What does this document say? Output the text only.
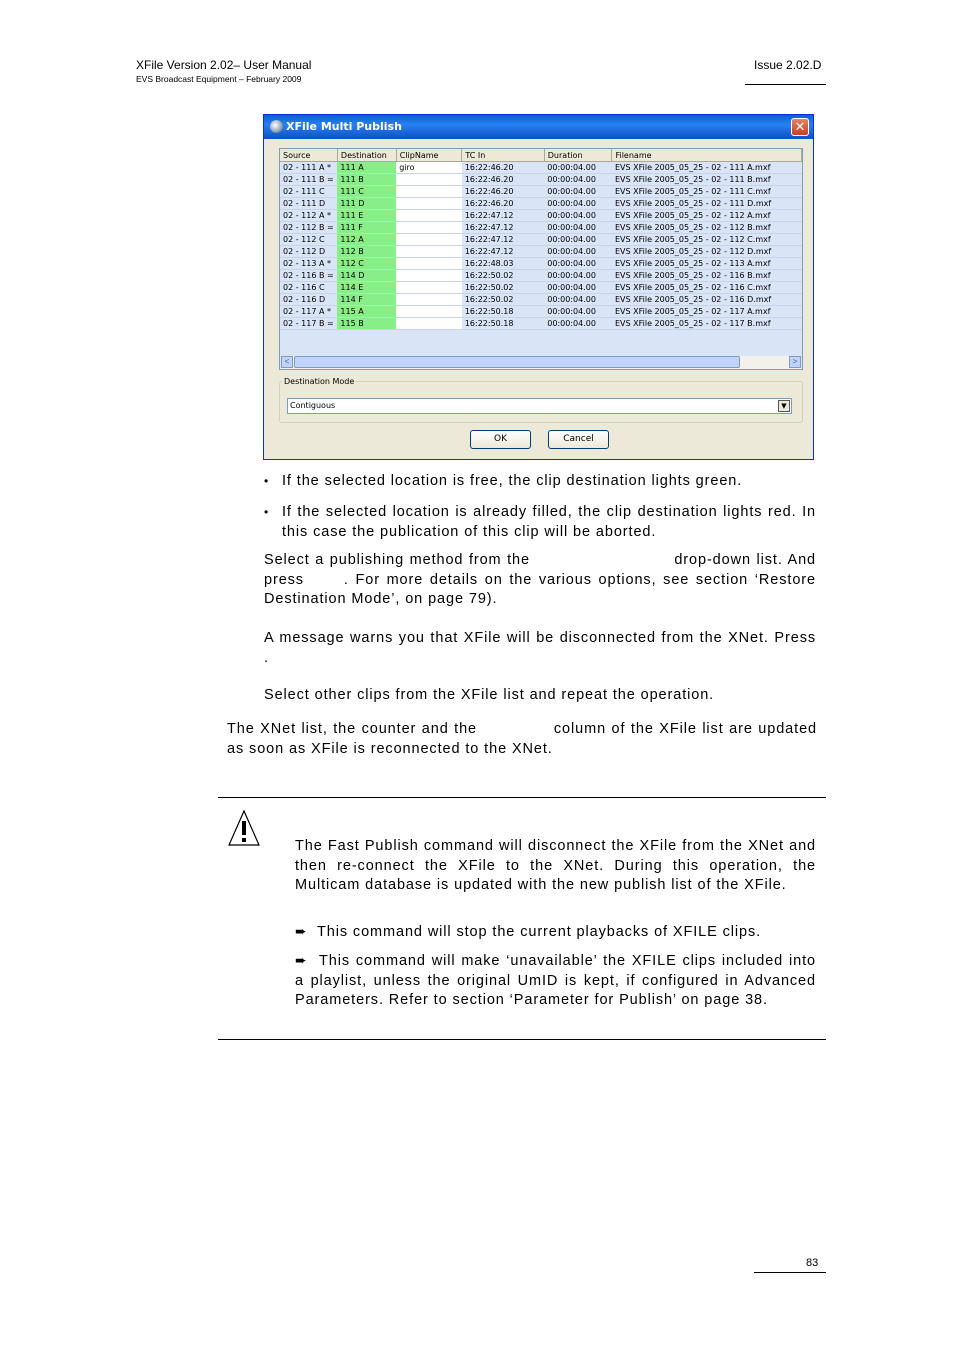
XFile Version 2.02– User Manual
EVS Broadcast Equipment – February 2009
Issue 2.02.D
XFile Multi Publish	✕
Source	Destination	ClipName	TC In	Duration	Filename
02 - 111 A *	111 A	giro	16:22:46.20	00:00:04.00	EVS XFile 2005_05_25 - 02 - 111 A.mxf
02 - 111 B =	111 B		16:22:46.20	00:00:04.00	EVS XFile 2005_05_25 - 02 - 111 B.mxf
02 - 111 C	111 C		16:22:46.20	00:00:04.00	EVS XFile 2005_05_25 - 02 - 111 C.mxf
02 - 111 D	111 D		16:22:46.20	00:00:04.00	EVS XFile 2005_05_25 - 02 - 111 D.mxf
02 - 112 A *	111 E		16:22:47.12	00:00:04.00	EVS XFile 2005_05_25 - 02 - 112 A.mxf
02 - 112 B =	111 F		16:22:47.12	00:00:04.00	EVS XFile 2005_05_25 - 02 - 112 B.mxf
02 - 112 C	112 A		16:22:47.12	00:00:04.00	EVS XFile 2005_05_25 - 02 - 112 C.mxf
02 - 112 D	112 B		16:22:47.12	00:00:04.00	EVS XFile 2005_05_25 - 02 - 112 D.mxf
02 - 113 A *	112 C		16:22:48.03	00:00:04.00	EVS XFile 2005_05_25 - 02 - 113 A.mxf
02 - 116 B =	114 D		16:22:50.02	00:00:04.00	EVS XFile 2005_05_25 - 02 - 116 B.mxf
02 - 116 C	114 E		16:22:50.02	00:00:04.00	EVS XFile 2005_05_25 - 02 - 116 C.mxf
02 - 116 D	114 F		16:22:50.02	00:00:04.00	EVS XFile 2005_05_25 - 02 - 116 D.mxf
02 - 117 A *	115 A		16:22:50.18	00:00:04.00	EVS XFile 2005_05_25 - 02 - 117 A.mxf
02 - 117 B =	115 B		16:22:50.18	00:00:04.00	EVS XFile 2005_05_25 - 02 - 117 B.mxf
<	>
Destination Mode
Contiguous	▼
OK	Cancel
• If the selected location is free, the clip destination lights green.
• If the selected location is already filled, the clip destination lights red. In this case the publication of this clip will be aborted.
Select a publishing method from the                          drop-down list. And press      . For more details on the various options, see section ‘Restore Destination Mode’, on page 79).
A message warns you that XFile will be disconnected from the XNet. Press      .
Select other clips from the XFile list and repeat the operation.
The XNet list, the counter and the              column of the XFile list are updated as soon as XFile is reconnected to the XNet.
The Fast Publish command will disconnect the XFile from the XNet and then re-connect the XFile to the XNet. During this operation, the Multicam database is updated with the new publish list of the XFile.
➨ This command will stop the current playbacks of XFILE clips.
➨ This command will make ‘unavailable’ the XFILE clips included into a playlist, unless the original UmID is kept, if configured in Advanced Parameters. Refer to section ‘Parameter for Publish’ on page 38.
83
